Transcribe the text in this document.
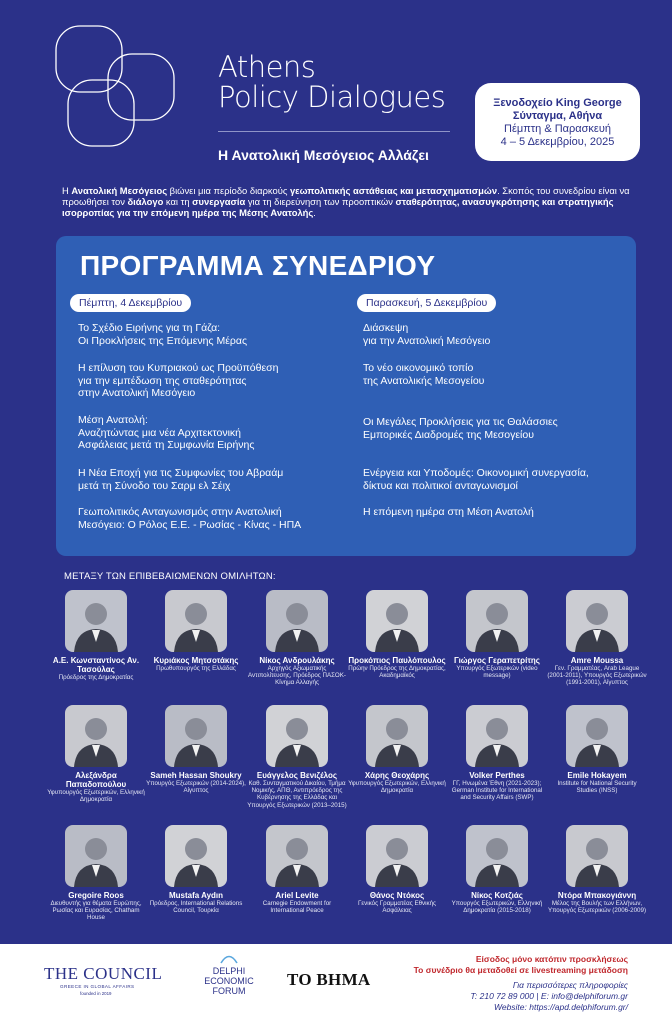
Athens
Policy Dialogues
Η Ανατολική Μεσόγειος Αλλάζει
Ξενοδοχείο King George
Σύνταγμα, Αθήνα
Πέμπτη & Παρασκευή
4 – 5 Δεκεμβρίου, 2025
Η Ανατολική Μεσόγειος βιώνει μια περίοδο διαρκούς γεωπολιτικής αστάθειας και μετασχηματισμών. Σκοπός του συνεδρίου είναι να προωθήσει τον διάλογο και τη συνεργασία για τη διερεύνηση των προοπτικών σταθερότητας, ανασυγκρότησης και στρατηγικής ισορροπίας για την επόμενη ημέρα της Μέσης Ανατολής.
ΠΡΟΓΡΑΜΜΑ ΣΥΝΕΔΡΙΟΥ
Πέμπτη, 4 Δεκεμβρίου	Παρασκευή, 5 Δεκεμβρίου
Το Σχέδιο Ειρήνης για τη Γάζα:
Οι Προκλήσεις της Επόμενης Μέρας
Η επίλυση του Κυπριακού ως Προϋπόθεση
για την εμπέδωση της σταθερότητας
στην Ανατολική Μεσόγειο
Μέση Ανατολή:
Αναζητώντας μια νέα Αρχιτεκτονική
Ασφάλειας μετά τη Συμφωνία Ειρήνης
Η Νέα Εποχή για τις Συμφωνίες του Αβραάμ
μετά τη Σύνοδο του Σαρμ ελ Σέιχ
Γεωπολιτικός Ανταγωνισμός στην Ανατολική
Μεσόγειο: Ο Ρόλος Ε.Ε. - Ρωσίας - Κίνας - ΗΠΑ
Διάσκεψη
για την Ανατολική Μεσόγειο
Το νέο οικονομικό τοπίο
της Ανατολικής Μεσογείου
Οι Μεγάλες Προκλήσεις για τις Θαλάσσιες
Εμπορικές Διαδρομές της Μεσογείου
Ενέργεια και Υποδομές: Οικονομική συνεργασία,
δίκτυα και πολιτικοί ανταγωνισμοί
Η επόμενη ημέρα στη Μέση Ανατολή
ΜΕΤΑΞΥ ΤΩΝ ΕΠΙΒΕΒΑΙΩΜΕΝΩΝ ΟΜΙΛΗΤΩΝ:
Α.Ε. Κωνσταντίνος Αν. Τασούλας
Πρόεδρος της Δημοκρατίας
Κυριάκος Μητσοτάκης
Πρωθυπουργός της Ελλάδας
Νίκος Ανδρουλάκης
Αρχηγός Αξιωματικής Αντιπολίτευσης, Πρόεδρος ΠΑΣΟΚ-Κίνημα Αλλαγής
Προκόπιος Παυλόπουλος
Πρώην Πρόεδρος της Δημοκρατίας, Ακαδημαϊκός
Γιώργος Γεραπετρίτης
Υπουργός Εξωτερικών (video message)
Amre Moussa
Γεν. Γραμματέας, Arab League (2001-2011), Υπουργός Εξωτερικών (1991-2001), Αίγυπτος
Αλεξάνδρα Παπαδοπούλου
Υφυπουργός Εξωτερικών, Ελληνική Δημοκρατία
Sameh Hassan Shoukry
Υπουργός Εξωτερικών (2014-2024), Αίγυπτος
Ευάγγελος Βενιζέλος
Καθ. Συνταγματικού Δικαίου, Τμήμα Νομικής, ΑΠΘ, Αντιπρόεδρος της Κυβέρνησης της Ελλάδας και Υπουργός Εξωτερικών (2013–2015)
Χάρης Θεοχάρης
Υφυπουργός Εξωτερικών, Ελληνική Δημοκρατία
Volker Perthes
ΓΓ, Ηνωμένα Έθνη (2021-2023); German Institute for International and Security Affairs (SWP)
Emile Hokayem
Institute for National Security Studies (INSS)
Gregoire Roos
Διευθυντής για θέματα Ευρώπης, Ρωσίας και Ευρασίας, Chatham House
Mustafa Aydın
Πρόεδρος, International Relations Council, Τουρκία
Ariel Levite
Carnegie Endowment for International Peace
Θάνος Ντόκος
Γενικός Γραμματέας Εθνικής Ασφάλειας
Νίκος Κοτζιάς
Υπουργός Εξωτερικών, Ελληνική Δημοκρατία (2015-2018)
Ντόρα Μπακογιάννη
Μέλος της Βουλής των Ελλήνων, Υπουργός Εξωτερικών (2006-2009)
THE COUNCIL
GREECE IN GLOBAL AFFAIRS
founded in 2019
DELPHI
ECONOMIC
FORUM
ΤΟ ΒΗΜΑ
Είσοδος μόνο κατόπιν προσκλήσεως
Το συνέδριο θα μεταδοθεί σε livestreaming μετάδοση
Για περισσότερες πληροφορίες
T: 210 72 89 000 | E: info@delphiforum.gr
Website: https://apd.delphiforum.gr/
